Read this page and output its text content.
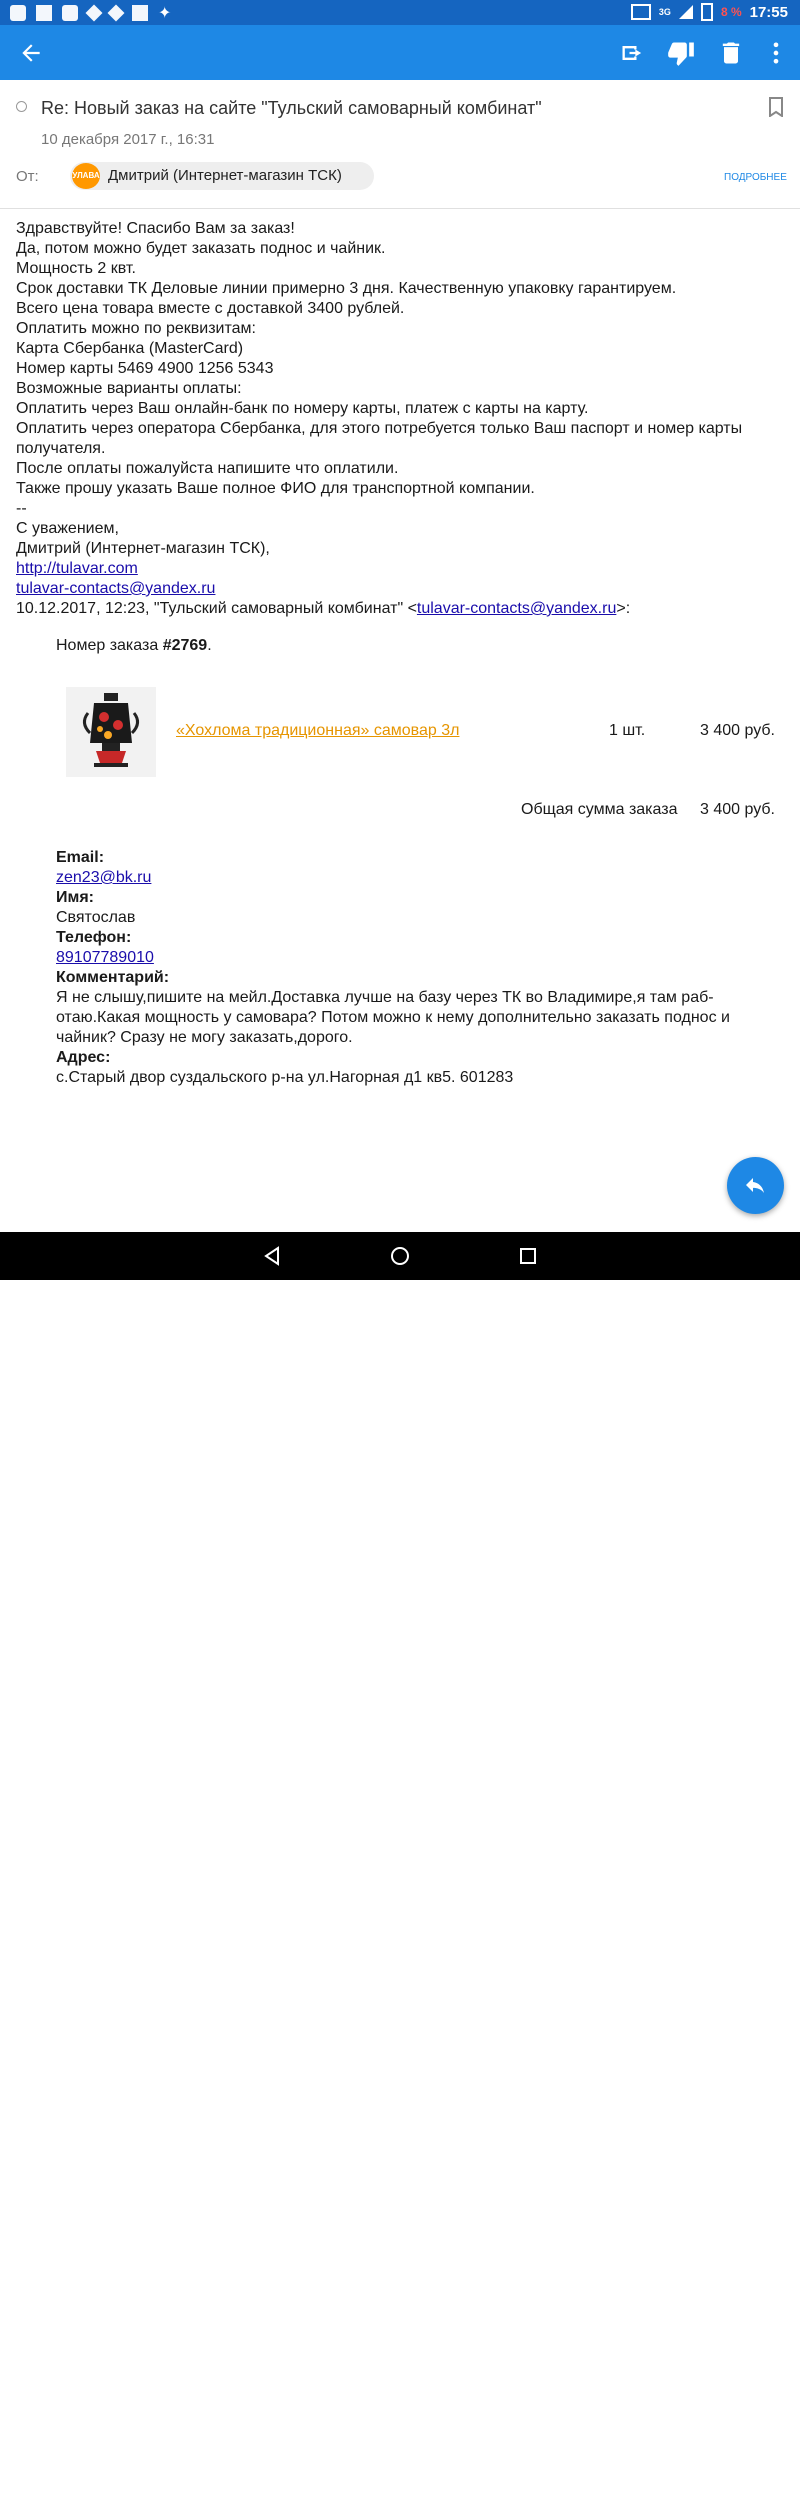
✦	3G	8 % 17:55
Re: Новый заказ на сайте "Тульский самоварный комбинат"
10 декабря 2017 г., 16:31
От:	УЛАВА Дмитрий (Интернет-магазин ТСК)	ПОДРОБНЕЕ

Здравствуйте! Спасибо Вам за заказ!

Да, потом можно будет заказать поднос и чайник.

Мощность 2 квт.

Срок доставки ТК Деловые линии примерно 3 дня. Качественную упаковку гарантируем.

Всего цена товара вместе с доставкой 3400 рублей.

Оплатить можно по реквизитам:

Карта Сбербанка (MasterCard)

Номер карты 5469 4900 1256 5343

Возможные варианты оплаты:

Оплатить через Ваш онлайн-банк по номеру карты, платеж с карты на карту.

Оплатить через оператора Сбербанка, для этого потребуется только Ваш паспорт и номер карты получателя.

После оплаты пожалуйста напишите что оплатили.

Также прошу указать Ваше полное ФИО для транспортной компании.

--

С уважением,

Дмитрий (Интернет-магазин ТСК),

http://tulavar.com

tulavar-contacts@yandex.ru

10.12.2017, 12:23, "Тульский самоварный комбинат" <tulavar-contacts@yandex.ru>:

Номер заказа #2769.
«Хохлома традиционная» самовар 3л	1 шт.	3 400 руб.
Общая сумма заказа 3 400 руб.
Email:
zen23@bk.ru
Имя:
Святослав
Телефон:
89107789010
Комментарий:
Я не слышу,пишите на мейл.Доставка лучше на базу через ТК во Владимире,я там раб-отаю.Какая мощность у самовара? Потом можно к нему дополнительно заказать поднос и чайник? Сразу не могу заказать,дорого.
Адрес:
с.Старый двор суздальского р-на ул.Нагорная д1 кв5. 601283
2017-12-22 17:55:40
